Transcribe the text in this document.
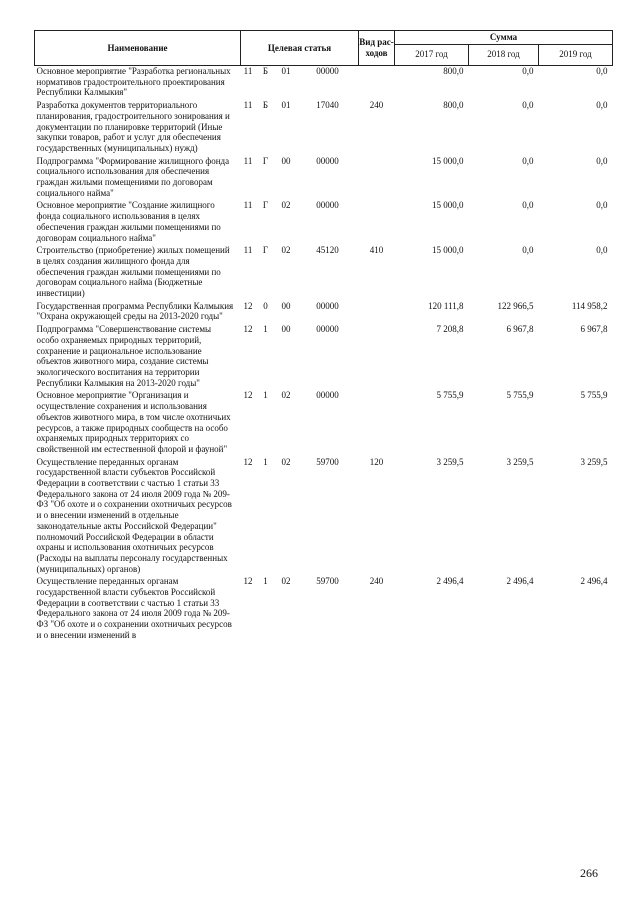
Наименование	Целевая статья				Вид рас-ходов	Сумма		
						2017 год	2018 год	2019 год
Основное мероприятие "Разработка региональных нормативов градостроительного проектирования Республики Калмыкия"	11	Б	01	00000		800,0	0,0	0,0
Разработка документов территориального планирования, градостроительного зонирования и документации по планировке территорий (Иные закупки товаров, работ и услуг для обеспечения государственных (муниципальных) нужд)	11	Б	01	17040	240	800,0	0,0	0,0
Подпрограмма "Формирование жилищного фонда социального использования для обеспечения граждан жилыми помещениями по договорам социального найма"	11	Г	00	00000		15 000,0	0,0	0,0
Основное мероприятие "Создание жилищного фонда социального использования в целях обеспечения граждан жилыми помещениями по договорам социального найма"	11	Г	02	00000		15 000,0	0,0	0,0
Строительство (приобретение) жилых помещений в целях создания жилищного фонда для обеспечения граждан жилыми помещениями по договорам социального найма (Бюджетные инвестиции)	11	Г	02	45120	410	15 000,0	0,0	0,0
Государственная программа Республики Калмыкия "Охрана окружающей среды на 2013-2020 годы"	12	0	00	00000		120 111,8	122 966,5	114 958,2
Подпрограмма "Совершенствование системы особо охраняемых природных территорий, сохранение и рациональное использование объектов животного мира, создание системы экологического воспитания на территории Республики Калмыкия на 2013-2020 годы"	12	1	00	00000		7 208,8	6 967,8	6 967,8
Основное мероприятие "Организация и осуществление сохранения и использования объектов животного мира, в том числе охотничьих ресурсов, а также природных сообществ на особо охраняемых природных территориях со свойственной им естественной флорой и фауной"	12	1	02	00000		5 755,9	5 755,9	5 755,9
Осуществление переданных органам государственной власти субъектов Российской Федерации в соответствии с частью 1 статьи 33 Федерального закона от 24 июля 2009 года № 209-ФЗ "Об охоте и о сохранении охотничьих ресурсов и о внесении изменений в отдельные законодательные акты Российской Федерации" полномочий Российской Федерации в области охраны и использования охотничьих ресурсов (Расходы на выплаты персоналу государственных (муниципальных) органов)	12	1	02	59700	120	3 259,5	3 259,5	3 259,5
Осуществление переданных органам государственной власти субъектов Российской Федерации в соответствии с частью 1 статьи 33 Федерального закона от 24 июля 2009 года № 209-ФЗ "Об охоте и о сохранении охотничьих ресурсов и о внесении изменений в	12	1	02	59700	240	2 496,4	2 496,4	2 496,4
266
